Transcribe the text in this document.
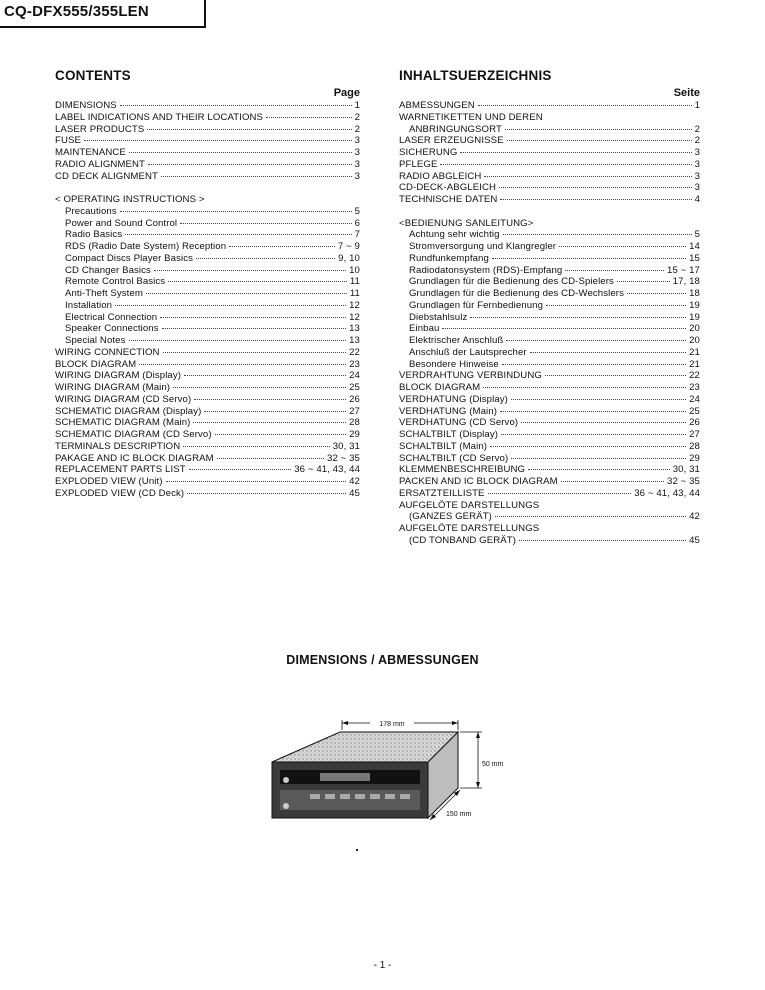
CQ-DFX555/355LEN
CONTENTS
Page
DIMENSIONS	1
LABEL INDICATIONS AND THEIR LOCATIONS	2
LASER PRODUCTS	2
FUSE	3
MAINTENANCE	3
RADIO ALIGNMENT	3
CD DECK ALIGNMENT	3
< OPERATING INSTRUCTIONS >
Precautions	5
Power and Sound Control	6
Radio Basics	7
RDS (Radio Date System) Reception	7 ~ 9
Compact Discs Player Basics	9, 10
CD Changer Basics	10
Remote Control Basics	11
Anti-Theft System	11
Installation	12
Electrical Connection	12
Speaker Connections	13
Special Notes	13
WIRING CONNECTION	22
BLOCK DIAGRAM	23
WIRING DIAGRAM (Display)	24
WIRING DIAGRAM (Main)	25
WIRING DIAGRAM (CD Servo)	26
SCHEMATIC DIAGRAM (Display)	27
SCHEMATIC DIAGRAM (Main)	28
SCHEMATIC DIAGRAM (CD Servo)	29
TERMINALS DESCRIPTION	30, 31
PAKAGE AND IC BLOCK DIAGRAM	32 ~ 35
REPLACEMENT PARTS LIST	36 ~ 41, 43, 44
EXPLODED VIEW (Unit)	42
EXPLODED VIEW (CD Deck)	45
INHALTSUERZEICHNIS
Seite
ABMESSUNGEN	1
WARNETIKETTEN UND DEREN
ANBRINGUNGSORT	2
LASER ERZEUGNISSE	2
SICHERUNG	3
PFLEGE	3
RADIO ABGLEICH	3
CD-DECK-ABGLEICH	3
TECHNISCHE DATEN	4
<BEDIENUNG SANLEITUNG>
Achtung sehr wichtig	5
Stromversorgung und Klangregler	14
Rundfunkempfang	15
Radiodatonsystem (RDS)-Empfang	15 ~ 17
Grundlagen für die Bedienung des CD-Spielers	17, 18
Grundlagen für die Bedienung des CD-Wechslers	18
Grundlagen für Fernbedienung	19
Diebstahlsulz	19
Einbau	20
Elektrischer Anschluß	20
Anschluß der Lautsprecher	21
Besondere Hinweise	21
VERDRAHTUNG VERBINDUNG	22
BLOCK DIAGRAM	23
VERDHATUNG (Display)	24
VERDHATUNG (Main)	25
VERDHATUNG (CD Servo)	26
SCHALTBILT (Display)	27
SCHALTBILT (Main)	28
SCHALTBILT (CD Servo)	29
KLEMMENBESCHREIBUNG	30, 31
PACKEN AND IC BLOCK DIAGRAM	32 ~ 35
ERSATZTEILLISTE	36 ~ 41, 43, 44
AUFGELÖTE DARSTELLUNGS
(GANZES GERÄT)	42
AUFGELÖTE DARSTELLUNGS
(CD TONBAND GERÄT)	45
DIMENSIONS / ABMESSUNGEN
178 mm
50 mm
150 mm
- 1 -
